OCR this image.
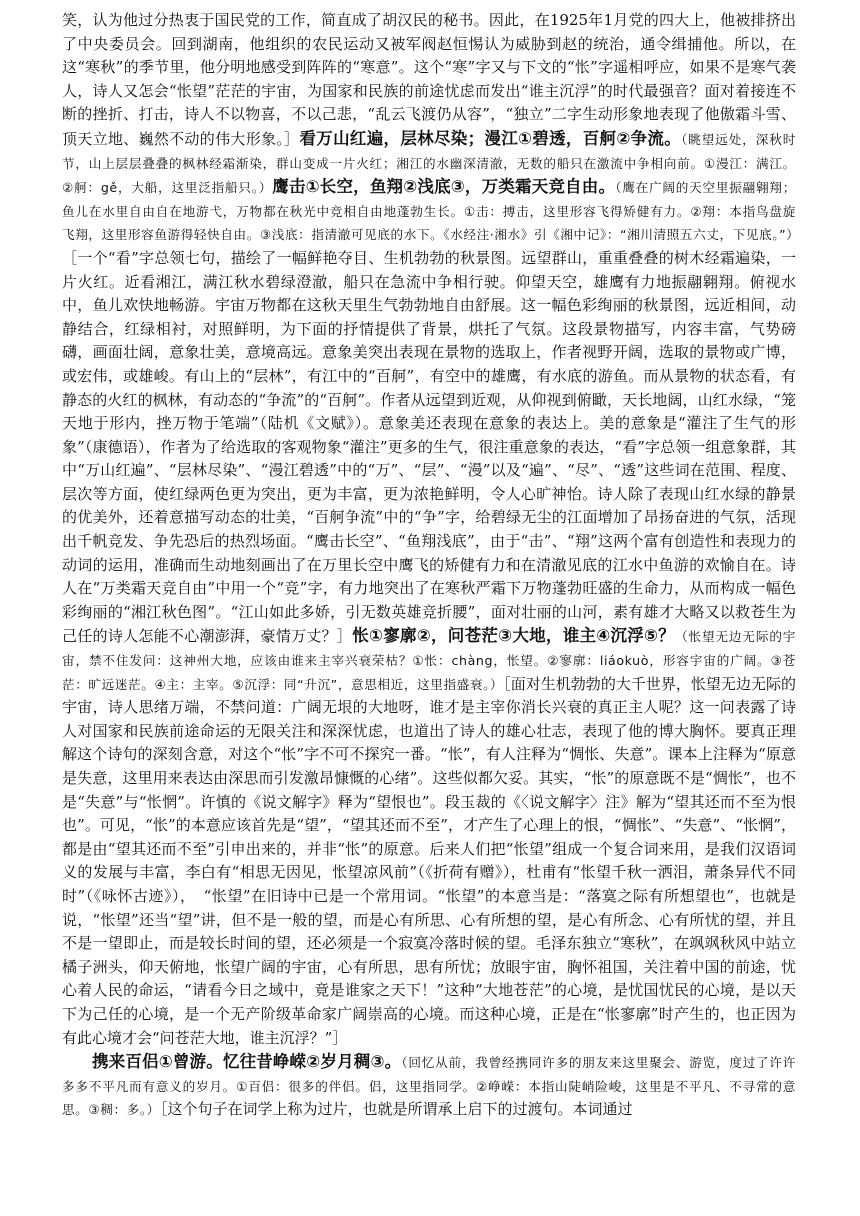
笑，认为他过分热衷于国民党的工作，简直成了胡汉民的秘书。因此，在1925年1月党的四大上，他被排挤出了中央委员会。回到湖南，他组织的农民运动又被军阀赵恒惕认为威胁到赵的统治，通令缉捕他。所以，在这“寒秋”的季节里，他分明地感受到阵阵的“寒意”。这个“寒”字又与下文的“怅”字遥相呼应，如果不是寒气袭人，诗人又怎会“怅望”茫茫的宇宙，为国家和民族的前途忧虑而发出“谁主沉浮”的时代最强音？面对着接连不断的挫折、打击，诗人不以物喜，不以己悲，“乱云飞渡仍从容”，“独立”二字生动形象地表现了他傲霜斗雪、顶天立地、巍然不动的伟大形象。］看万山红遍，层林尽染；漫江①碧透，百舸②争流。（眺望远处，深秋时节，山上层层叠叠的枫林经霜渐染，群山变成一片火红；湘江的水幽深清澈，无数的船只在激流中争相向前。①漫江：满江。②舸：gě，大船，这里泛指船只。）鹰击①长空，鱼翔②浅底③，万类霜天竞自由。（鹰在广阔的天空里振翮翱翔；鱼儿在水里自由自在地游弋，万物都在秋光中竞相自由地蓬勃生长。①击：搏击，这里形容飞得矫健有力。②翔：本指鸟盘旋飞翔，这里形容鱼游得轻快自由。③浅底：指清澈可见底的水下。《水经注·湘水》引《湘中记》：“湘川清照五六丈，下见底。”）［一个“看”字总领七句，描绘了一幅鲜艳夺目、生机勃勃的秋景图。远望群山，重重叠叠的树木经霜遍染，一片火红。近看湘江，满江秋水碧绿澄澈，船只在急流中争相行驶。仰望天空，雄鹰有力地振翮翱翔。俯视水中，鱼儿欢快地畅游。宇宙万物都在这秋天里生气勃勃地自由舒展。这一幅色彩绚丽的秋景图，远近相间，动静结合，红绿相衬，对照鲜明，为下面的抒情提供了背景，烘托了气氛。这段景物描写，内容丰富，气势磅礴，画面壮阔，意象壮美，意境高远。意象美突出表现在景物的选取上，作者视野开阔，选取的景物或广博，或宏伟，或雄峻。有山上的“层林”，有江中的“百舸”，有空中的雄鹰，有水底的游鱼。而从景物的状态看，有静态的火红的枫林，有动态的“争流”的“百舸”。作者从远望到近观，从仰视到俯瞰，天长地阔，山红水绿，“笼天地于形内，挫万物于笔端”（陆机《文赋》）。意象美还表现在意象的表达上。美的意象是“灌注了生气的形象”（康德语），作者为了给选取的客观物象“灌注”更多的生气，很注重意象的表达，“看”字总领一组意象群，其中“万山红遍”、“层林尽染”、“漫江碧透”中的“万”、“层”、“漫”以及“遍”、“尽”、“透”这些词在范围、程度、层次等方面，使红绿两色更为突出，更为丰富，更为浓艳鲜明，令人心旷神怡。诗人除了表现山红水绿的静景的优美外，还着意描写动态的壮美，“百舸争流”中的“争”字，给碧绿无尘的江面增加了昂扬奋进的气氛，活现出千帆竞发、争先恐后的热烈场面。“鹰击长空”、“鱼翔浅底”，由于“击”、“翔”这两个富有创造性和表现力的动词的运用，准确而生动地刻画出了在万里长空中鹰飞的矫健有力和在清澈见底的江水中鱼游的欢愉自在。诗人在“万类霜天竞自由”中用一个“竞”字，有力地突出了在寒秋严霜下万物蓬勃旺盛的生命力，从而构成一幅色彩绚丽的“湘江秋色图”。“江山如此多娇，引无数英雄竞折腰”，面对壮丽的山河，素有雄才大略又以救苍生为己任的诗人怎能不心潮澎湃，豪情万丈？］怅①寥廓②，问苍茫③大地，谁主④沉浮⑤？（怅望无边无际的宇宙，禁不住发问：这神州大地，应该由谁来主宰兴衰荣枯？①怅：chàng，怅望。②寥廓：liáokuò，形容宇宙的广阔。③苍茫：旷远迷茫。④主：主宰。⑤沉浮：同“升沉”，意思相近，这里指盛衰。）［面对生机勃勃的大千世界，怅望无边无际的宇宙，诗人思绪万端，不禁问道：广阔无垠的大地呀，谁才是主宰你消长兴衰的真正主人呢？这一问表露了诗人对国家和民族前途命运的无限关注和深深忧虑，也道出了诗人的雄心壮志，表现了他的博大胸怀。要真正理解这个诗句的深刻含意，对这个“怅”字不可不探究一番。“怅”，有人注释为“惆怅、失意”。课本上注释为“原意是失意，这里用来表达由深思而引发激昂慷慨的心绪”。这些似都欠妥。其实，“怅”的原意既不是“惆怅”，也不是“失意”与“怅惘”。许慎的《说文解字》释为“望恨也”。段玉裁的《〈说文解字〉注》解为“望其还而不至为恨也”。可见，“怅”的本意应该首先是“望”，“望其还而不至”，才产生了心理上的恨，“惆怅”、“失意”、“怅惘”，都是由“望其还而不至”引申出来的，并非“怅”的原意。后来人们把“怅望”组成一个复合词来用，是我们汉语词义的发展与丰富，李白有“相思无因见，怅望凉风前”（《折荷有赠》），杜甫有“怅望千秋一洒泪，萧条异代不同时”（《咏怀古迹》），　“怅望”在旧诗中已是一个常用词。“怅望”的本意当是：“落寞之际有所想望也”，也就是说，“怅望”还当“望”讲，但不是一般的望，而是心有所思、心有所想的望，是心有所念、心有所忧的望，并且不是一望即止，而是较长时间的望，还必须是一个寂寞冷落时候的望。毛泽东独立“寒秋”，在飒飒秋风中站立橘子洲头，仰天俯地，怅望广阔的宇宙，心有所思，思有所忧；放眼宇宙，胸怀祖国，关注着中国的前途，忧心着人民的命运，“请看今日之域中，竟是谁家之天下！”这种“大地苍茫”的心境，是忧国忧民的心境，是以天下为己任的心境，是一个无产阶级革命家广阔崇高的心境。而这种心境，正是在“怅寥廓”时产生的，也正因为有此心境才会“问苍茫大地，谁主沉浮？”］

携来百侣①曾游。忆往昔峥嵘②岁月稠③。（回忆从前，我曾经携同许多的朋友来这里聚会、游览，度过了许许多多不平凡而有意义的岁月。①百侣：很多的伴侣。侣，这里指同学。②峥嵘：本指山陡峭险峻，这里是不平凡、不寻常的意思。③稠：多。）［这个句子在词学上称为过片，也就是所谓承上启下的过渡句。本词通过
